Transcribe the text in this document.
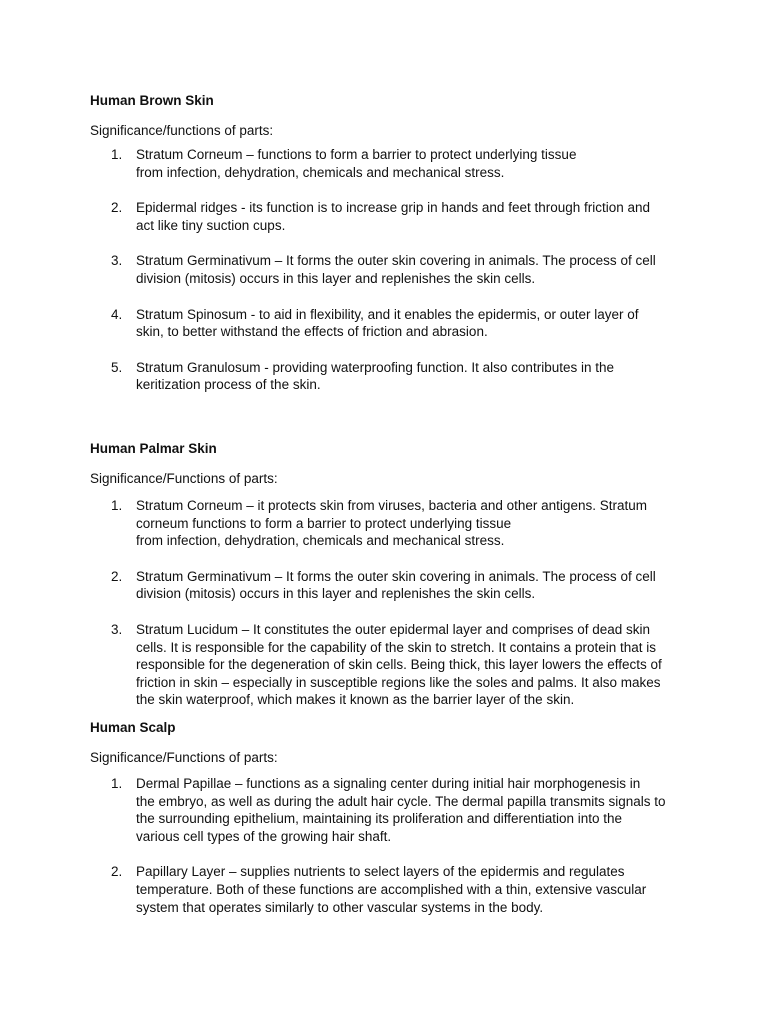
Human Brown Skin
Significance/functions of parts:
1. Stratum Corneum – functions to form a barrier to protect underlying tissue
from infection, dehydration, chemicals and mechanical stress.
2. Epidermal ridges - its function is to increase grip in hands and feet through friction and
act like tiny suction cups.
3. Stratum Germinativum – It forms the outer skin covering in animals. The process of cell
division (mitosis) occurs in this layer and replenishes the skin cells.
4. Stratum Spinosum - to aid in flexibility, and it enables the epidermis, or outer layer of
skin, to better withstand the effects of friction and abrasion.
5. Stratum Granulosum - providing waterproofing function. It also contributes in the
keritization process of the skin.
Human Palmar Skin
Significance/Functions of parts:
1. Stratum Corneum – it protects skin from viruses, bacteria and other antigens. Stratum
corneum functions to form a barrier to protect underlying tissue
from infection, dehydration, chemicals and mechanical stress.
2. Stratum Germinativum – It forms the outer skin covering in animals. The process of cell
division (mitosis) occurs in this layer and replenishes the skin cells.
3. Stratum Lucidum – It constitutes the outer epidermal layer and comprises of dead skin
cells. It is responsible for the capability of the skin to stretch. It contains a protein that is
responsible for the degeneration of skin cells. Being thick, this layer lowers the effects of
friction in skin – especially in susceptible regions like the soles and palms. It also makes
the skin waterproof, which makes it known as the barrier layer of the skin.
Human Scalp
Significance/Functions of parts:
1. Dermal Papillae – functions as a signaling center during initial hair morphogenesis in
the embryo, as well as during the adult hair cycle. The dermal papilla transmits signals to
the surrounding epithelium, maintaining its proliferation and differentiation into the
various cell types of the growing hair shaft.
2. Papillary Layer – supplies nutrients to select layers of the epidermis and regulates
temperature. Both of these functions are accomplished with a thin, extensive vascular
system that operates similarly to other vascular systems in the body.
